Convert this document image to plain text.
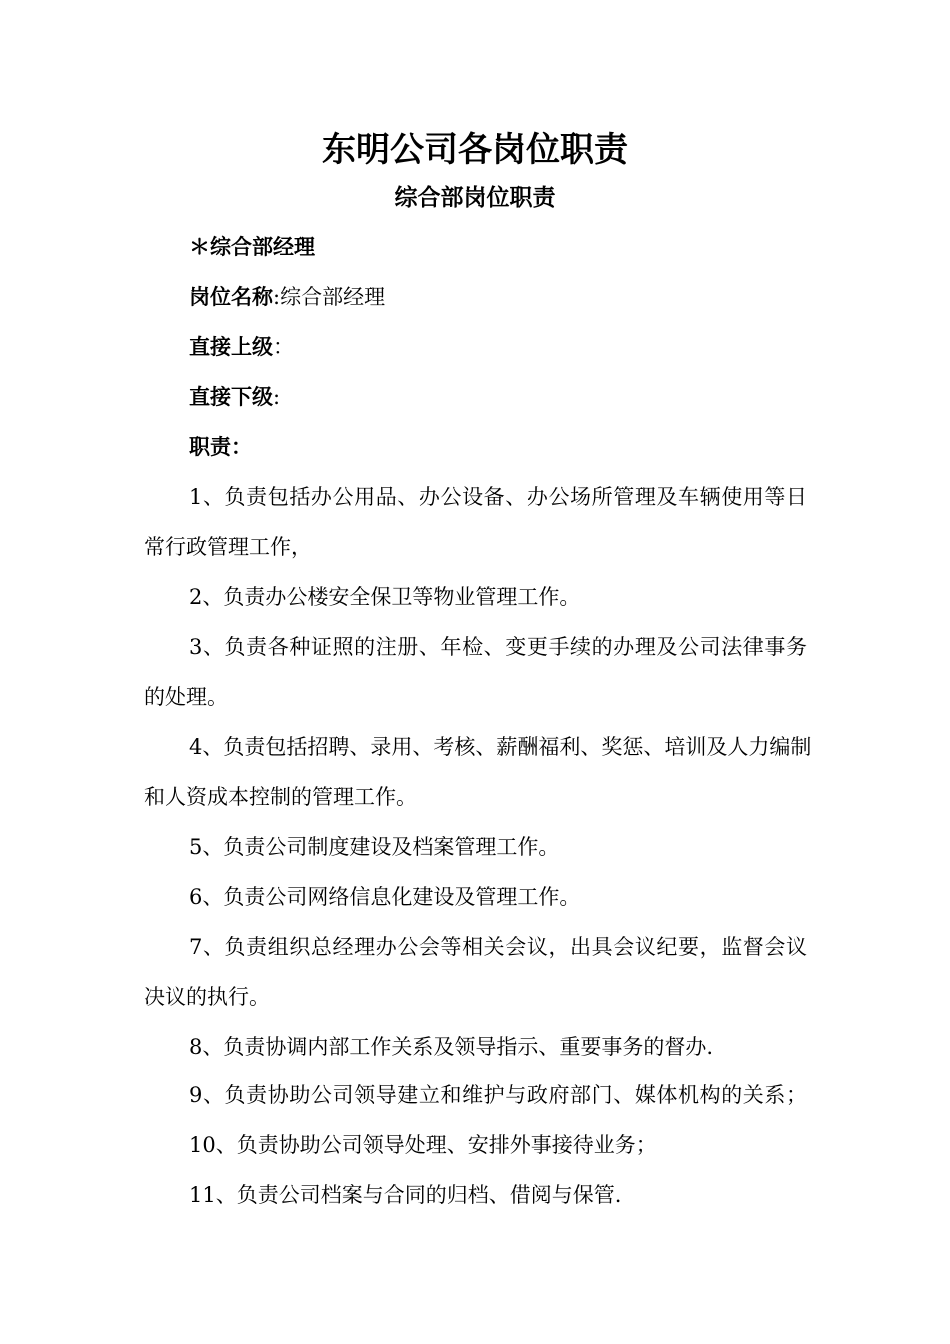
东明公司各岗位职责
综合部岗位职责
＊综合部经理
岗位名称:综合部经理
直接上级：
直接下级:
职责：
1、负责包括办公用品、办公设备、办公场所管理及车辆使用等日
常行政管理工作，
2、负责办公楼安全保卫等物业管理工作。
3、负责各种证照的注册、年检、变更手续的办理及公司法律事务
的处理。
4、负责包括招聘、录用、考核、薪酬福利、奖惩、培训及人力编制
和人资成本控制的管理工作。
5、负责公司制度建设及档案管理工作。
6、负责公司网络信息化建设及管理工作。
7、负责组织总经理办公会等相关会议，出具会议纪要，监督会议
决议的执行。
8、负责协调内部工作关系及领导指示、重要事务的督办.
9、负责协助公司领导建立和维护与政府部门、媒体机构的关系；
10、负责协助公司领导处理、安排外事接待业务；
11、负责公司档案与合同的归档、借阅与保管.
